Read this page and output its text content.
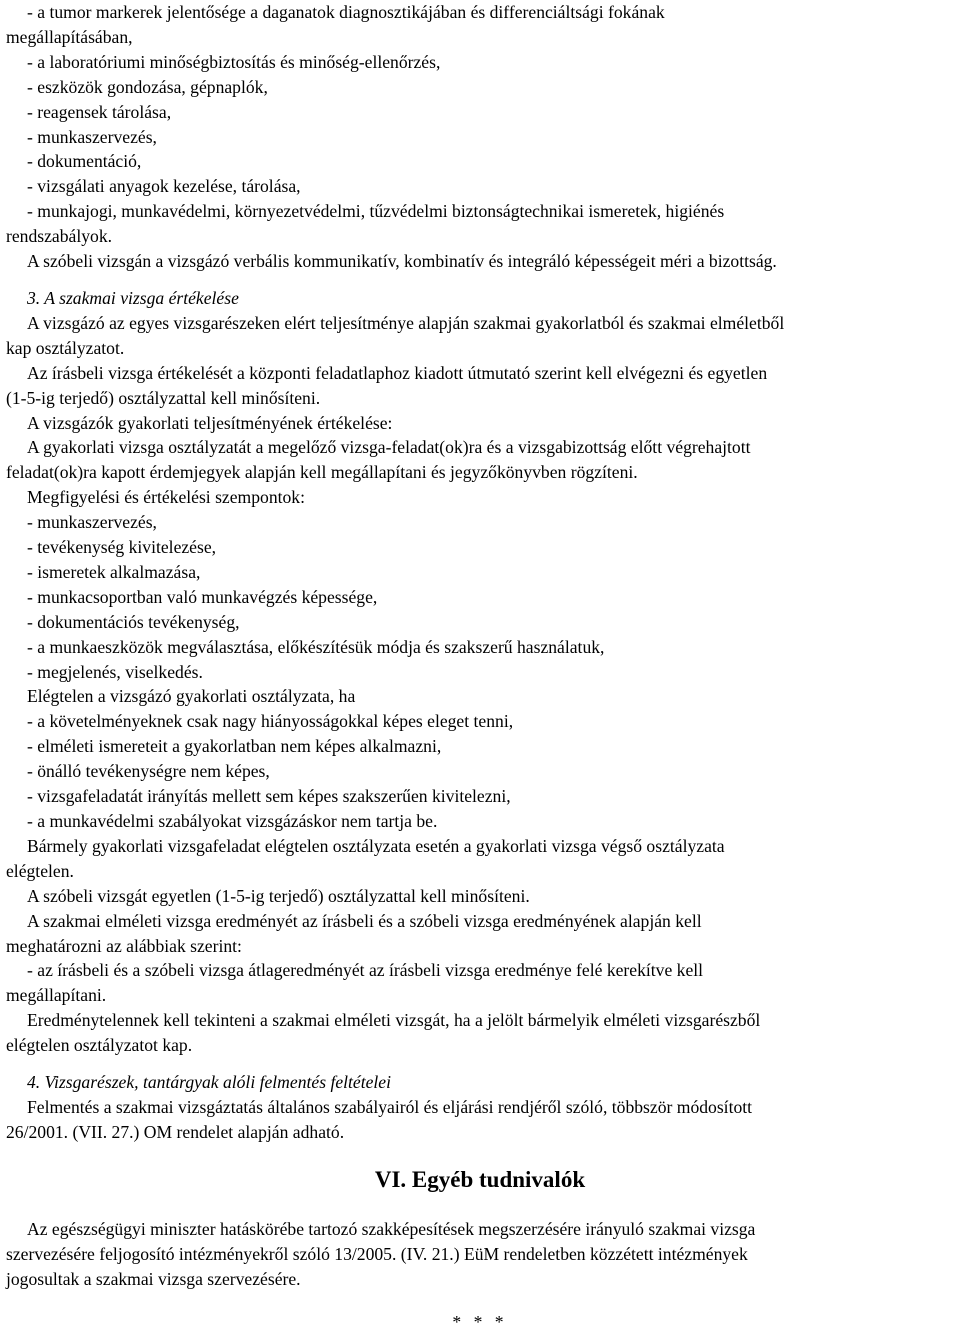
- a tumor markerek jelentősége a daganatok diagnosztikájában és differenciáltsági fokának
megállapításában,
- a laboratóriumi minőségbiztosítás és minőség-ellenőrzés,
- eszközök gondozása, gépnaplók,
- reagensek tárolása,
- munkaszervezés,
- dokumentáció,
- vizsgálati anyagok kezelése, tárolása,
- munkajogi, munkavédelmi, környezetvédelmi, tűzvédelmi biztonságtechnikai ismeretek, higiénés
rendszabályok.
A szóbeli vizsgán a vizsgázó verbális kommunikatív, kombinatív és integráló képességeit méri a bizottság.
3. A szakmai vizsga értékelése
A vizsgázó az egyes vizsgarészeken elért teljesítménye alapján szakmai gyakorlatból és szakmai elméletből
kap osztályzatot.
Az írásbeli vizsga értékelését a központi feladatlaphoz kiadott útmutató szerint kell elvégezni és egyetlen
(1-5-ig terjedő) osztályzattal kell minősíteni.
A vizsgázók gyakorlati teljesítményének értékelése:
A gyakorlati vizsga osztályzatát a megelőző vizsga-feladat(ok)ra és a vizsgabizottság előtt végrehajtott
feladat(ok)ra kapott érdemjegyek alapján kell megállapítani és jegyzőkönyvben rögzíteni.
Megfigyelési és értékelési szempontok:
- munkaszervezés,
- tevékenység kivitelezése,
- ismeretek alkalmazása,
- munkacsoportban való munkavégzés képessége,
- dokumentációs tevékenység,
- a munkaeszközök megválasztása, előkészítésük módja és szakszerű használatuk,
- megjelenés, viselkedés.
Elégtelen a vizsgázó gyakorlati osztályzata, ha
- a követelményeknek csak nagy hiányosságokkal képes eleget tenni,
- elméleti ismereteit a gyakorlatban nem képes alkalmazni,
- önálló tevékenységre nem képes,
- vizsgafeladatát irányítás mellett sem képes szakszerűen kivitelezni,
- a munkavédelmi szabályokat vizsgázáskor nem tartja be.
Bármely gyakorlati vizsgafeladat elégtelen osztályzata esetén a gyakorlati vizsga végső osztályzata
elégtelen.
A szóbeli vizsgát egyetlen (1-5-ig terjedő) osztályzattal kell minősíteni.
A szakmai elméleti vizsga eredményét az írásbeli és a szóbeli vizsga eredményének alapján kell
meghatározni az alábbiak szerint:
- az írásbeli és a szóbeli vizsga átlageredményét az írásbeli vizsga eredménye felé kerekítve kell
megállapítani.
Eredménytelennek kell tekinteni a szakmai elméleti vizsgát, ha a jelölt bármelyik elméleti vizsgarészből
elégtelen osztályzatot kap.
4. Vizsgarészek, tantárgyak alóli felmentés feltételei
Felmentés a szakmai vizsgáztatás általános szabályairól és eljárási rendjéről szóló, többször módosított
26/2001. (VII. 27.) OM rendelet alapján adható.
VI. Egyéb tudnivalók
Az egészségügyi miniszter hatáskörébe tartozó szakképesítések megszerzésére irányuló szakmai vizsga
szervezésére feljogosító intézményekről szóló 13/2005. (IV. 21.) EüM rendeletben közzétett intézmények
jogosultak a szakmai vizsga szervezésére.
* * *
